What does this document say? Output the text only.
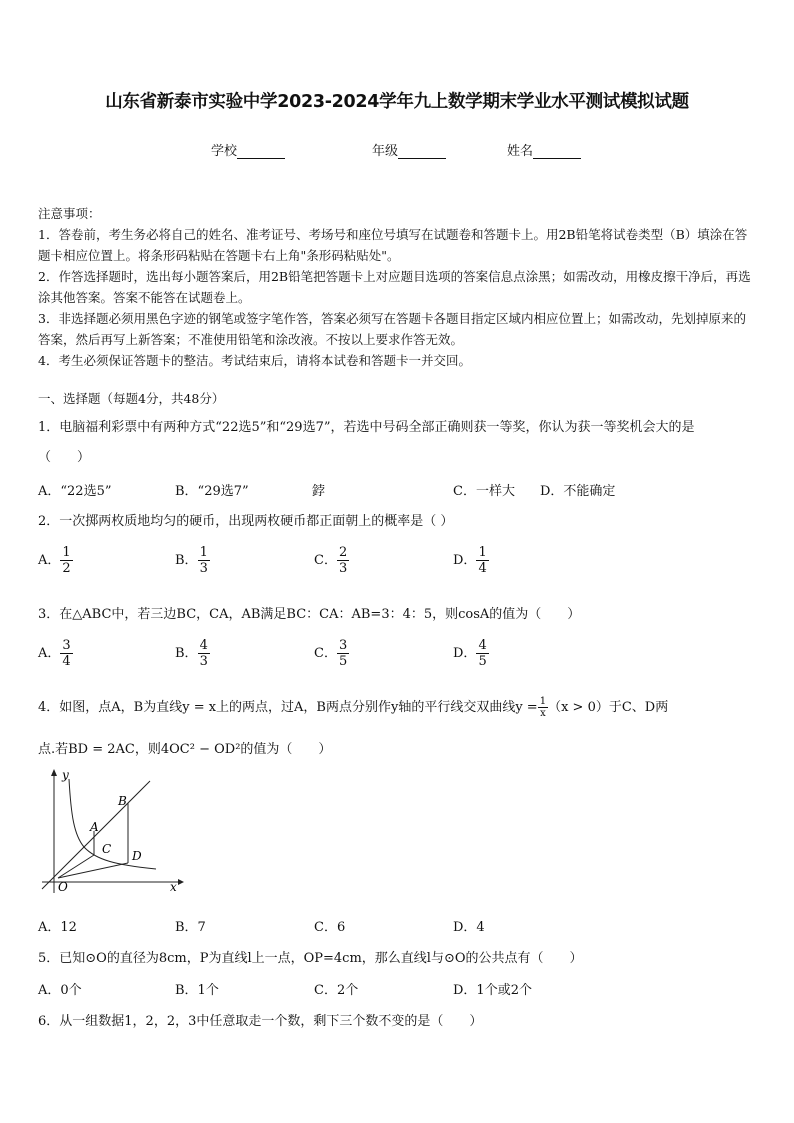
山东省新泰市实验中学2023-2024学年九上数学期末学业水平测试模拟试题
学校	年级	姓名
注意事项：
1．答卷前，考生务必将自己的姓名、准考证号、考场号和座位号填写在试题卷和答题卡上。用2B铅笔将试卷类型（B）填涂在答题卡相应位置上。将条形码粘贴在答题卡右上角"条形码粘贴处"。
2．作答选择题时，选出每小题答案后，用2B铅笔把答题卡上对应题目选项的答案信息点涂黑；如需改动，用橡皮擦干净后，再选涂其他答案。答案不能答在试题卷上。
3．非选择题必须用黑色字迹的钢笔或签字笔作答，答案必须写在答题卡各题目指定区域内相应位置上；如需改动，先划掉原来的答案，然后再写上新答案；不准使用铅笔和涂改液。不按以上要求作答无效。
4．考生必须保证答题卡的整洁。考试结束后，请将本试卷和答题卡一并交回。
一、选择题（每题4分，共48分）
1．电脑福利彩票中有两种方式“22选5”和“29选7”，若选中号码全部正确则获一等奖，你认为获一等奖机会大的是
（　　）
A．“22选5”	B．“29选7”	鋍	C．一样大 D．不能确定
2．一次掷两枚质地均匀的硬币，出现两枚硬币都正面朝上的概率是（ ）
A． $\frac{1}{2}$	B． $\frac{1}{3}$	C． $\frac{2}{3}$	D． $\frac{1}{4}$
3．在△ABC中，若三边BC，CA，AB满足BC：CA：AB=3：4：5，则cosA的值为（　　）
A． $\frac{3}{4}$	B． $\frac{4}{3}$	C． $\frac{3}{5}$	D． $\frac{4}{5}$
4．如图，点A，B为直线y = x上的两点，过A，B两点分别作y轴的平行线交双曲线$y = \frac{1}{x} (x > 0)$于C、D两
点.若BD = 2AC，则4OC² − OD²的值为（　　）
y
x
O
A
B
C D
A．12	B．7	C．6	D．4
5．已知⊙O的直径为8cm，P为直线l上一点，OP=4cm，那么直线l与⊙O的公共点有（　　）
A．0个	B．1个	C．2个	D．1个或2个
6．从一组数据1，2，2，3中任意取走一个数，剩下三个数不变的是（　　）
